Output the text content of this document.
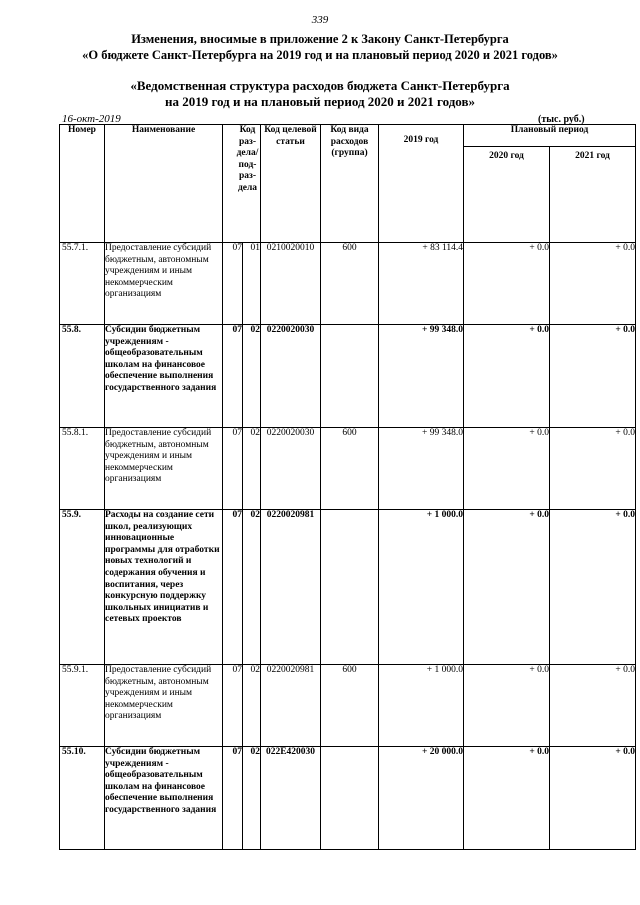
339
Изменения, вносимые в приложение 2 к Закону Санкт-Петербурга
«О бюджете Санкт-Петербурга на 2019 год и на плановый период 2020 и 2021 годов»
«Ведомственная структура расходов бюджета Санкт-Петербурга
на 2019 год и на плановый период 2020 и 2021 годов»
16-окт-2019	(тыс. руб.)
Номер	Наименование	Код раз-дела/ под-раз-дела		Код целевой статьи	Код вида расходов (группа)	2019 год	Плановый период	
							2020 год	2021 год
55.7.1.	Предоставление субсидий бюджетным, автономным учреждениям и иным некоммерческим организациям	07	01	0210020010	600	+ 83 114.4	+ 0.0	+ 0.0
55.8.	Субсидии бюджетным учреждениям - общеобразовательным школам на финансовое обеспечение выполнения государственного задания	07	02	0220020030		+ 99 348.0	+ 0.0	+ 0.0
55.8.1.	Предоставление субсидий бюджетным, автономным учреждениям и иным некоммерческим организациям	07	02	0220020030	600	+ 99 348.0	+ 0.0	+ 0.0
55.9.	Расходы на создание сети школ, реализующих инновационные программы для отработки новых технологий и содержания обучения и воспитания, через конкурсную поддержку школьных инициатив и сетевых проектов	07	02	0220020981		+ 1 000.0	+ 0.0	+ 0.0
55.9.1.	Предоставление субсидий бюджетным, автономным учреждениям и иным некоммерческим организациям	07	02	0220020981	600	+ 1 000.0	+ 0.0	+ 0.0
55.10.	Субсидии бюджетным учреждениям - общеобразовательным школам на финансовое обеспечение выполнения государственного задания	07	02	022E420030		+ 20 000.0	+ 0.0	+ 0.0
